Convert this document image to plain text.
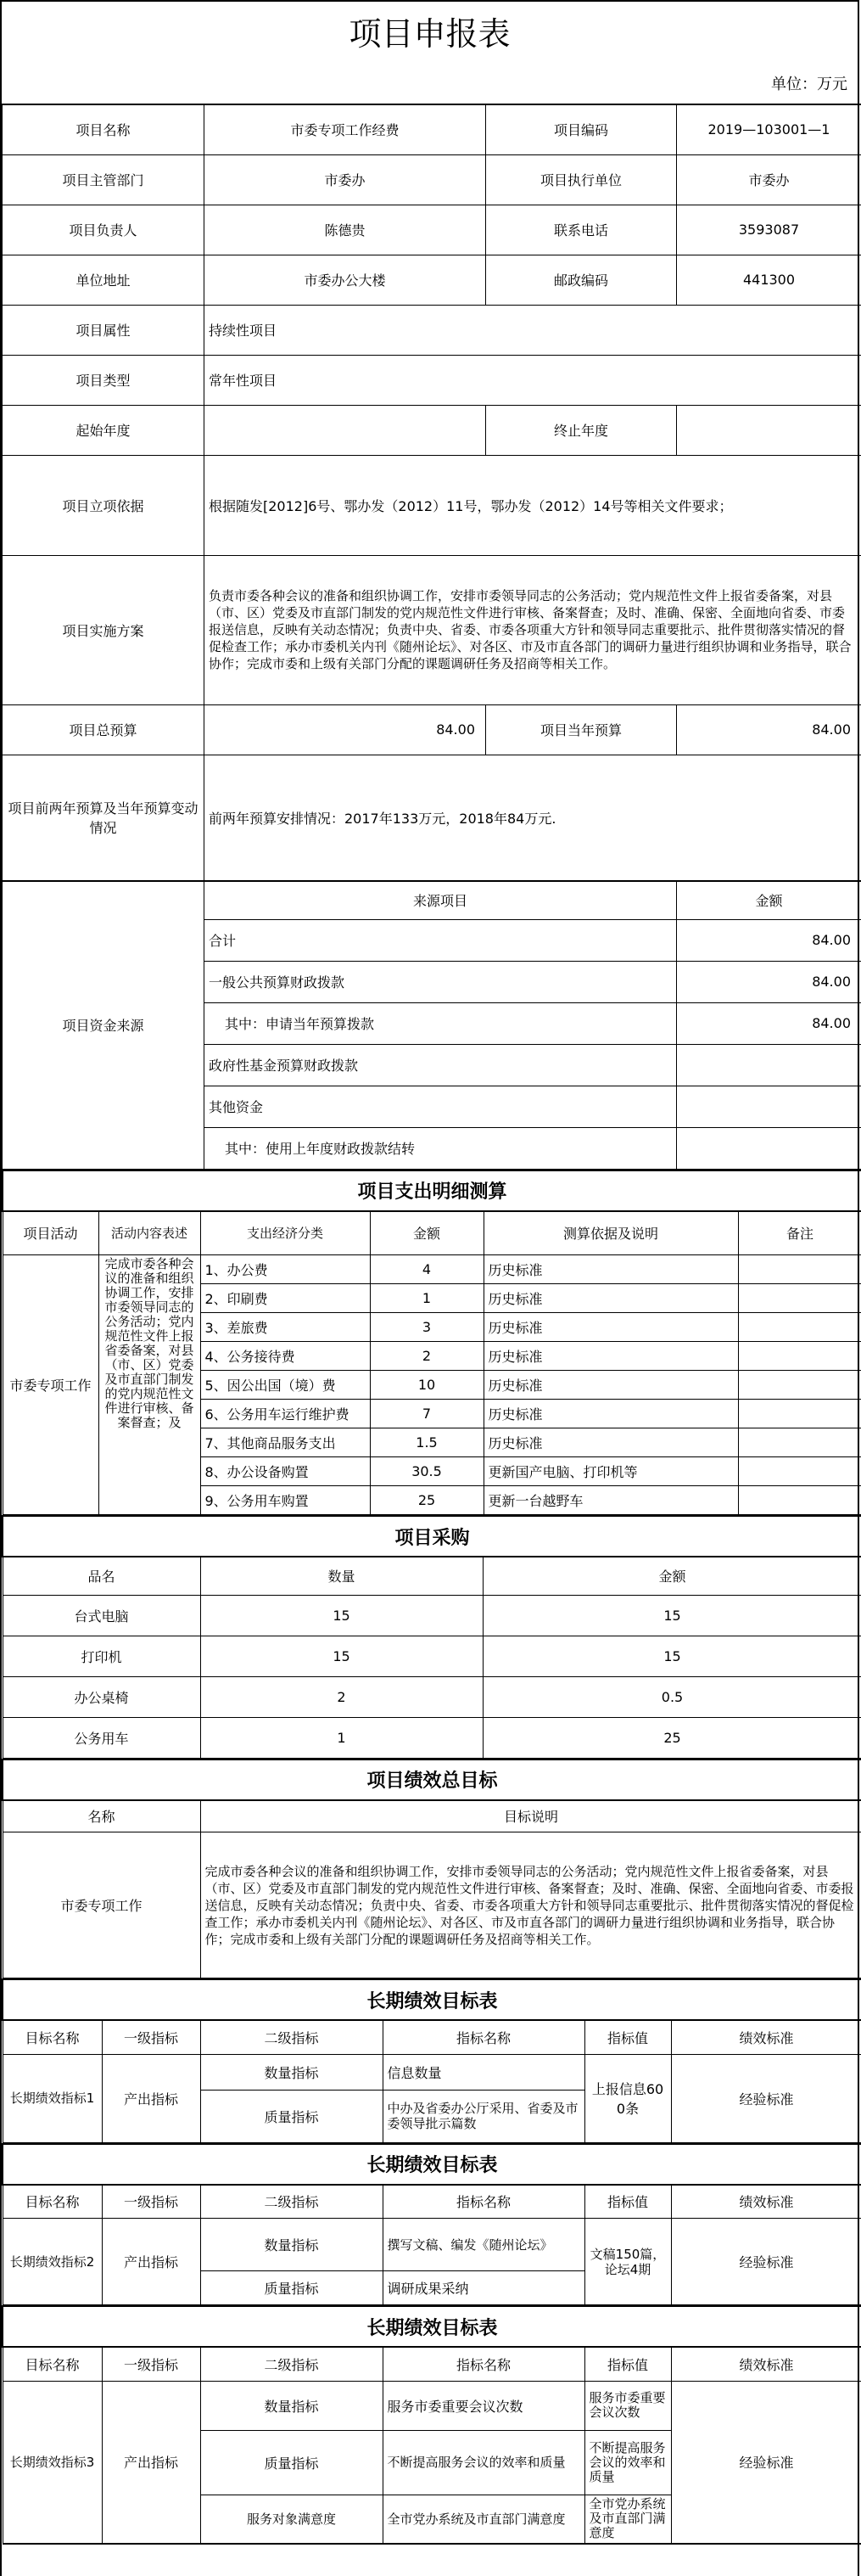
项目申报表
单位：万元
项目名称	市委专项工作经费	项目编码	2019—103001—1
项目主管部门	市委办	项目执行单位	市委办
项目负责人	陈德贵	联系电话	3593087
单位地址	市委办公大楼	邮政编码	441300
项目属性	持续性项目		
项目类型	常年性项目		
起始年度		终止年度	
项目立项依据	根据随发[2012]6号、鄂办发（2012）11号，鄂办发（2012）14号等相关文件要求；		
项目实施方案	负责市委各种会议的准备和组织协调工作，安排市委领导同志的公务活动；党内规范性文件上报省委备案，对县（市、区）党委及市直部门制发的党内规范性文件进行审核、备案督查；及时、准确、保密、全面地向省委、市委报送信息，反映有关动态情况；负责中央、省委、市委各项重大方针和领导同志重要批示、批件贯彻落实情况的督促检查工作；承办市委机关内刊《随州论坛》、对各区、市及市直各部门的调研力量进行组织协调和业务指导，联合协作；完成市委和上级有关部门分配的课题调研任务及招商等相关工作。		
项目总预算	84.00	项目当年预算	84.00
项目前两年预算及当年预算变动情况	前两年预算安排情况：2017年133万元，2018年84万元.		
项目资金来源	来源项目	金额
	合计	84.00
	一般公共预算财政拨款	84.00
	其中：申请当年预算拨款	84.00
	政府性基金预算财政拨款	
	其他资金	
	其中：使用上年度财政拨款结转	
项目支出明细测算					
项目活动	活动内容表述	支出经济分类	金额	测算依据及说明	备注
市委专项工作	完成市委各种会议的准备和组织协调工作，安排市委领导同志的公务活动；党内规范性文件上报省委备案，对县（市、区）党委及市直部门制发的党内规范性文件进行审核、备案督查；及	1、办公费	4	历史标准	
		2、印刷费	1	历史标准	
		3、差旅费	3	历史标准	
		4、公务接待费	2	历史标准	
		5、因公出国（境）费	10	历史标准	
		6、公务用车运行维护费	7	历史标准	
		7、其他商品服务支出	1.5	历史标准	
		8、办公设备购置	30.5	更新国产电脑、打印机等	
		9、公务用车购置	25	更新一台越野车	
项目采购		
品名	数量	金额
台式电脑	15	15
打印机	15	15
办公桌椅	2	0.5
公务用车	1	25
项目绩效总目标	
名称	目标说明
市委专项工作	完成市委各种会议的准备和组织协调工作，安排市委领导同志的公务活动；党内规范性文件上报省委备案，对县（市、区）党委及市直部门制发的党内规范性文件进行审核、备案督查；及时、准确、保密、全面地向省委、市委报送信息，反映有关动态情况；负责中央、省委、市委各项重大方针和领导同志重要批示、批件贯彻落实情况的督促检查工作；承办市委机关内刊《随州论坛》、对各区、市及市直各部门的调研力量进行组织协调和业务指导，联合协作；完成市委和上级有关部门分配的课题调研任务及招商等相关工作。
长期绩效目标表					
目标名称	一级指标	二级指标	指标名称	指标值	绩效标准
长期绩效指标1	产出指标	数量指标	信息数量	上报信息600条	经验标准
		质量指标	中办及省委办公厅采用、省委及市委领导批示篇数		
长期绩效目标表					
目标名称	一级指标	二级指标	指标名称	指标值	绩效标准
长期绩效指标2	产出指标	数量指标	撰写文稿、编发《随州论坛》	文稿150篇，论坛4期	经验标准
		质量指标	调研成果采纳		
长期绩效目标表					
目标名称	一级指标	二级指标	指标名称	指标值	绩效标准
长期绩效指标3	产出指标	数量指标	服务市委重要会议次数	服务市委重要会议次数	经验标准
		质量指标	不断提高服务会议的效率和质量	不断提高服务会议的效率和质量	
		服务对象满意度	全市党办系统及市直部门满意度	全市党办系统及市直部门满意度	
